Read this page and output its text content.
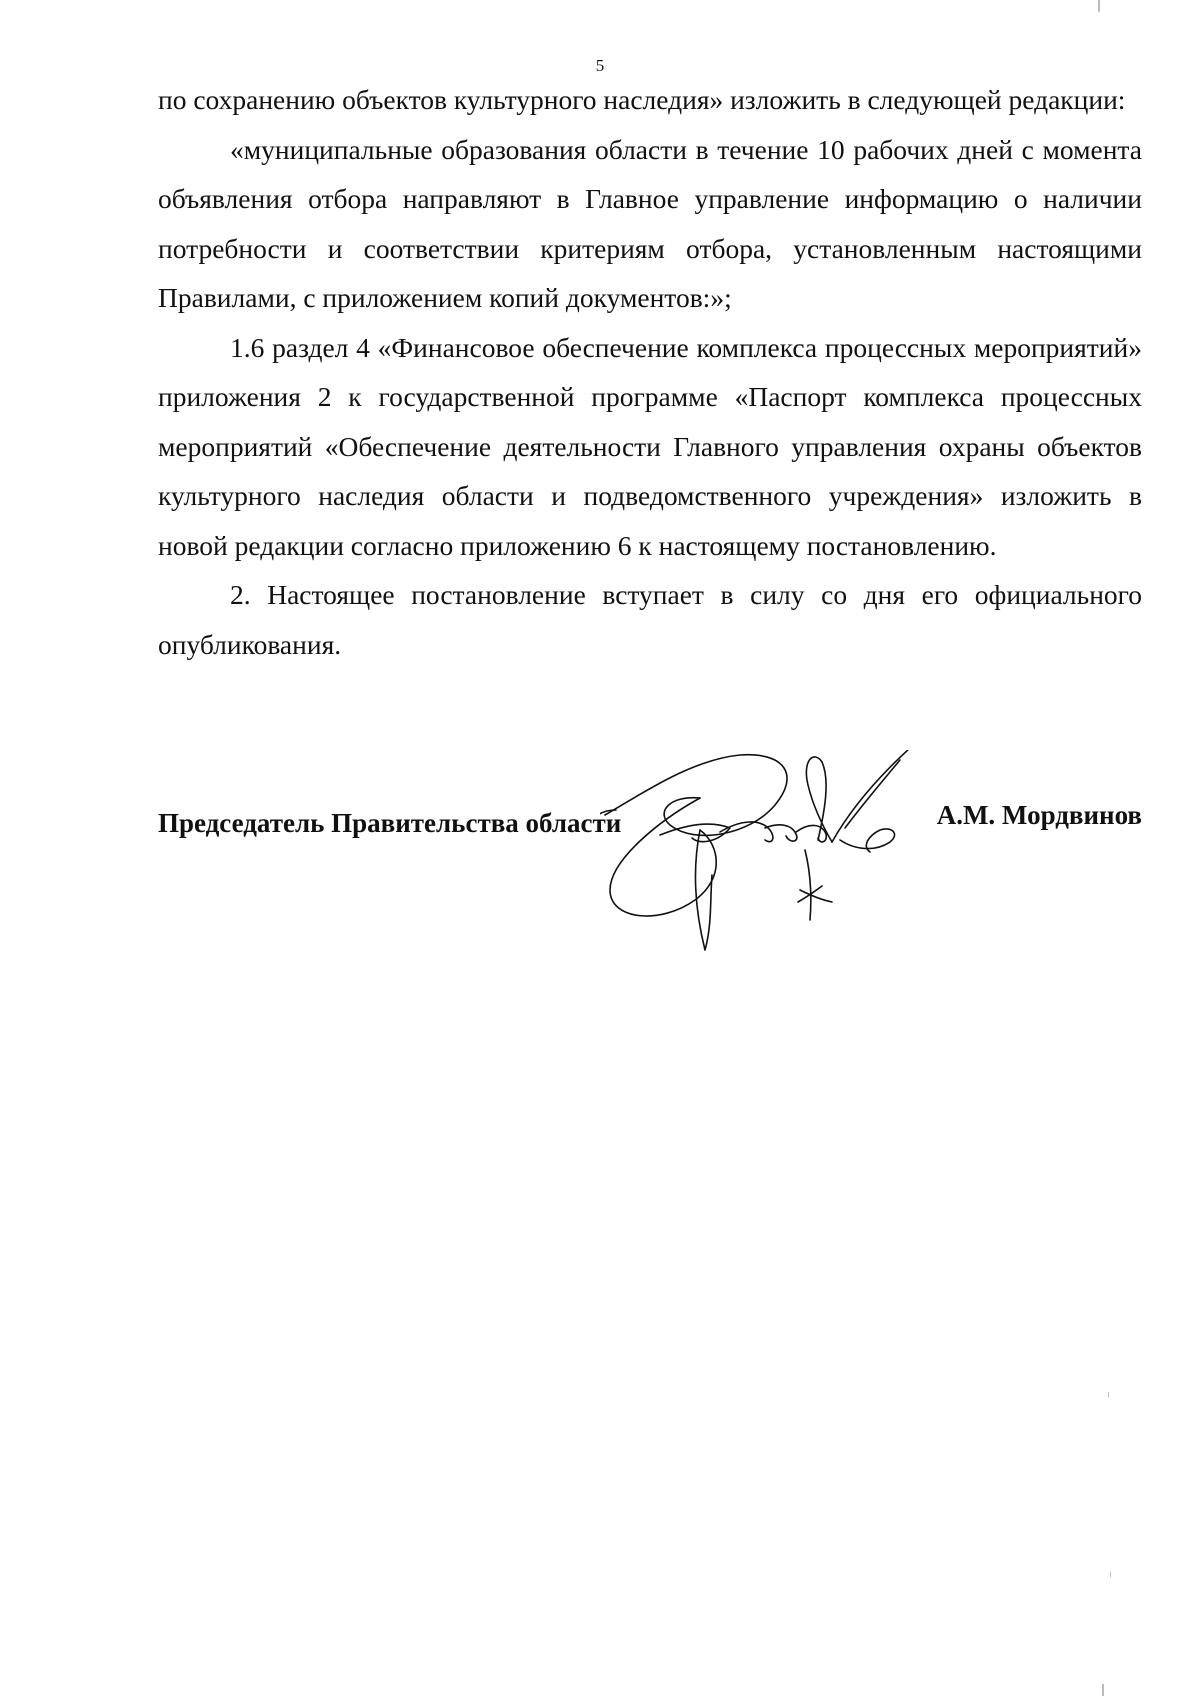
5

по сохранению объектов культурного наследия» изложить в следующей редакции:

«муниципальные образования области в течение 10 рабочих дней с момента объявления отбора направляют в Главное управление информацию о наличии потребности и соответствии критериям отбора, установленным настоящими Правилами, с приложением копий документов:»;

1.6 раздел 4 «Финансовое обеспечение комплекса процессных мероприятий» приложения 2 к государственной программе «Паспорт комплекса процессных мероприятий «Обеспечение деятельности Главного управления охраны объектов культурного наследия области и подведомственного учреждения» изложить в новой редакции согласно приложению 6 к настоящему постановлению.

2. Настоящее постановление вступает в силу со дня его официального опубликования.

Председатель Правительства области	А.М. Мордвинов
